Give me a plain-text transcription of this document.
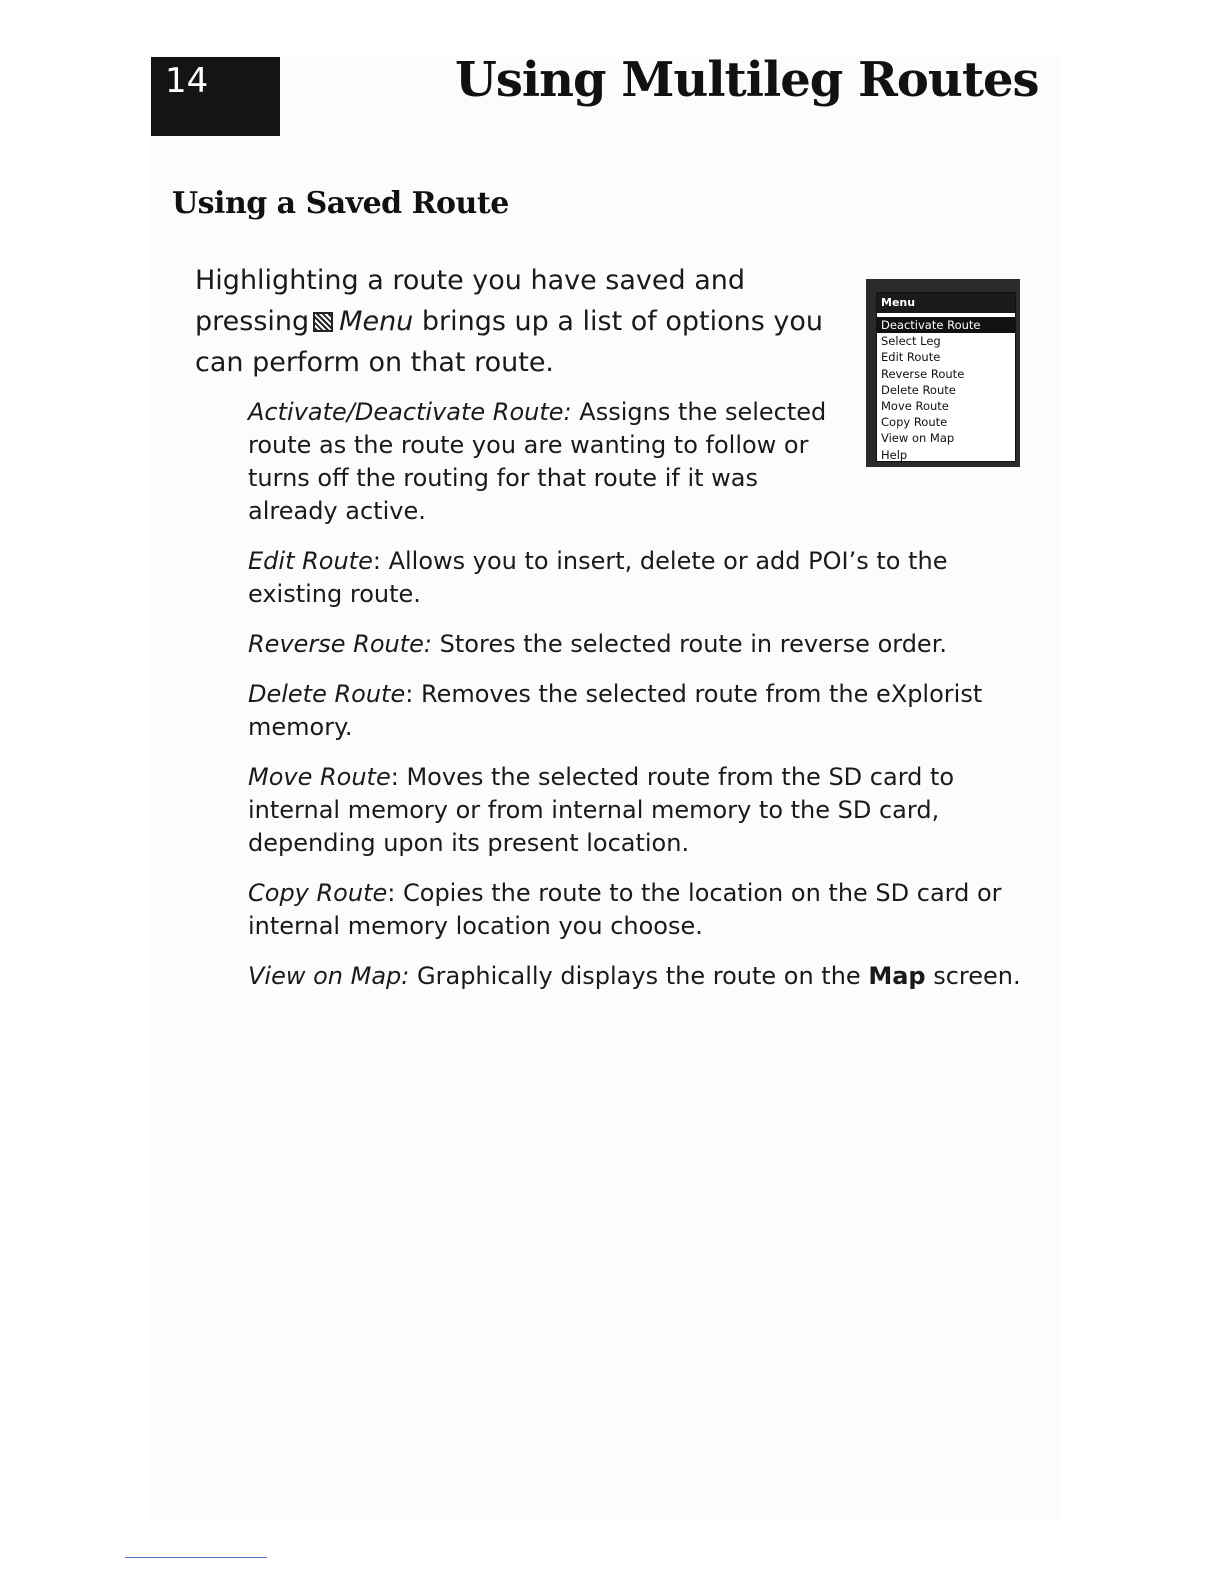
14	Using Multileg Routes
Using a Saved Route
Highlighting a route you have saved and pressing Menu brings up a list of options you can perform on that route.
Activate/Deactivate Route: Assigns the selected route as the route you are wanting to follow or turns off the routing for that route if it was already active.
Edit Route: Allows you to insert, delete or add POI’s to the existing route.
Reverse Route: Stores the selected route in reverse order.
Delete Route: Removes the selected route from the eXplorist memory.
Move Route: Moves the selected route from the SD card to internal memory or from internal memory to the SD card, depending upon its present location.
Copy Route: Copies the route to the location on the SD card or internal memory location you choose.
View on Map: Graphically displays the route on the Map screen.
Menu
Deactivate Route
Select Leg
Edit Route
Reverse Route
Delete Route
Move Route
Copy Route
View on Map
Help
